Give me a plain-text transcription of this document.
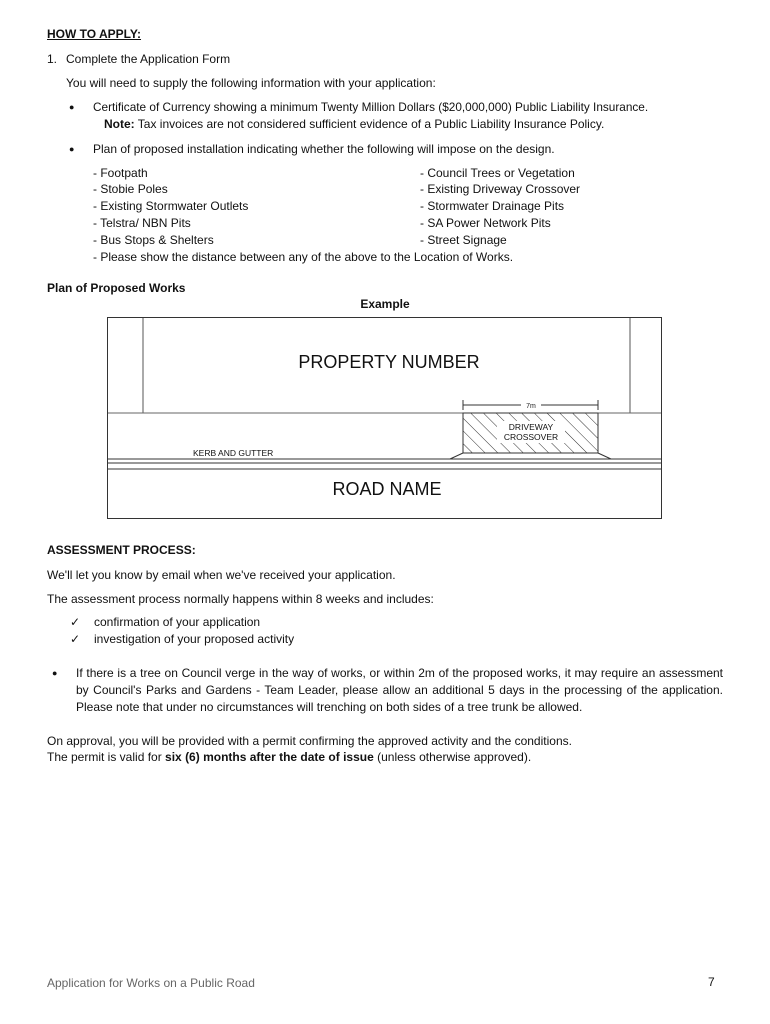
HOW TO APPLY:
1. Complete the Application Form
You will need to supply the following information with your application:
● Certificate of Currency showing a minimum Twenty Million Dollars ($20,000,000) Public Liability Insurance.
Note: Tax invoices are not considered sufficient evidence of a Public Liability Insurance Policy.
● Plan of proposed installation indicating whether the following will impose on the design.
- Footpath
- Stobie Poles
- Existing Stormwater Outlets
- Telstra/ NBN Pits
- Bus Stops & Shelters
- Council Trees or Vegetation
- Existing Driveway Crossover
- Stormwater Drainage Pits
- SA Power Network Pits
- Street Signage
- Please show the distance between any of the above to the Location of Works.
Plan of Proposed Works
Example
PROPERTY NUMBER
7m
DRIVEWAY
CROSSOVER
KERB AND GUTTER
ROAD NAME
ASSESSMENT PROCESS:
We'll let you know by email when we've received your application.
The assessment process normally happens within 8 weeks and includes:
✓ confirmation of your application
✓ investigation of your proposed activity
● If there is a tree on Council verge in the way of works, or within 2m of the proposed works, it may require an assessment by Council's Parks and Gardens - Team Leader, please allow an additional 5 days in the processing of the application. Please note that under no circumstances will trenching on both sides of a tree trunk be allowed.
On approval, you will be provided with a permit confirming the approved activity and the conditions.
The permit is valid for six (6) months after the date of issue (unless otherwise approved).
Application for Works on a Public Road	7
